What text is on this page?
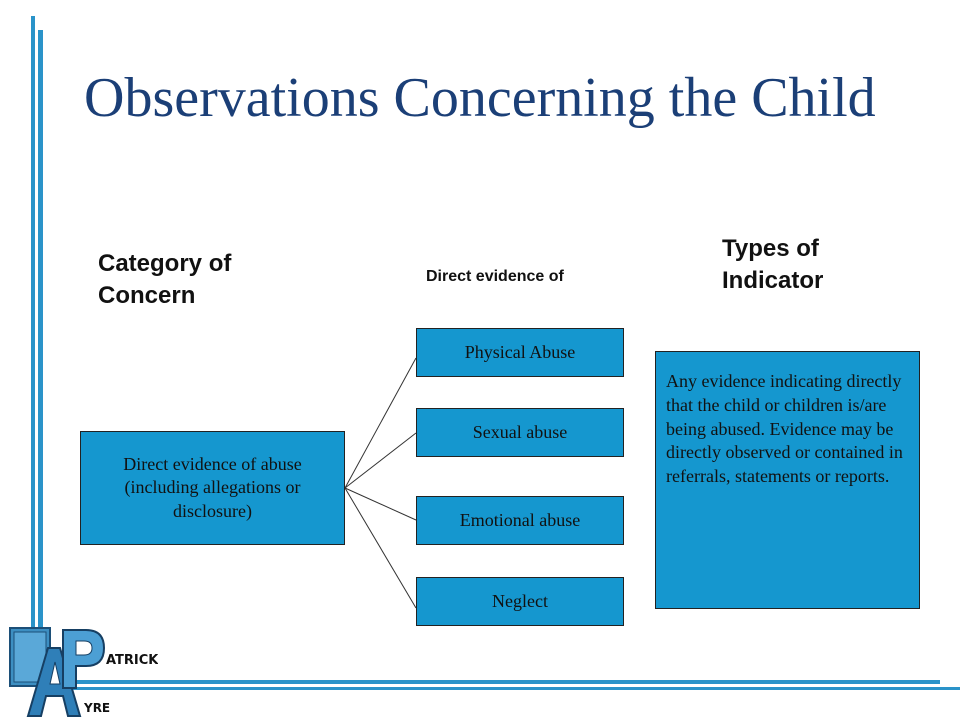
Observations Concerning the Child
Category of Concern
Direct evidence of
Types of Indicator
Direct evidence of abuse (including allegations or disclosure)
Physical Abuse
Sexual abuse
Emotional abuse
Neglect
Any evidence indicating directly that the child or children is/are being abused. Evidence may be directly observed or contained in referrals, statements or reports.
ATRICK
YRE
